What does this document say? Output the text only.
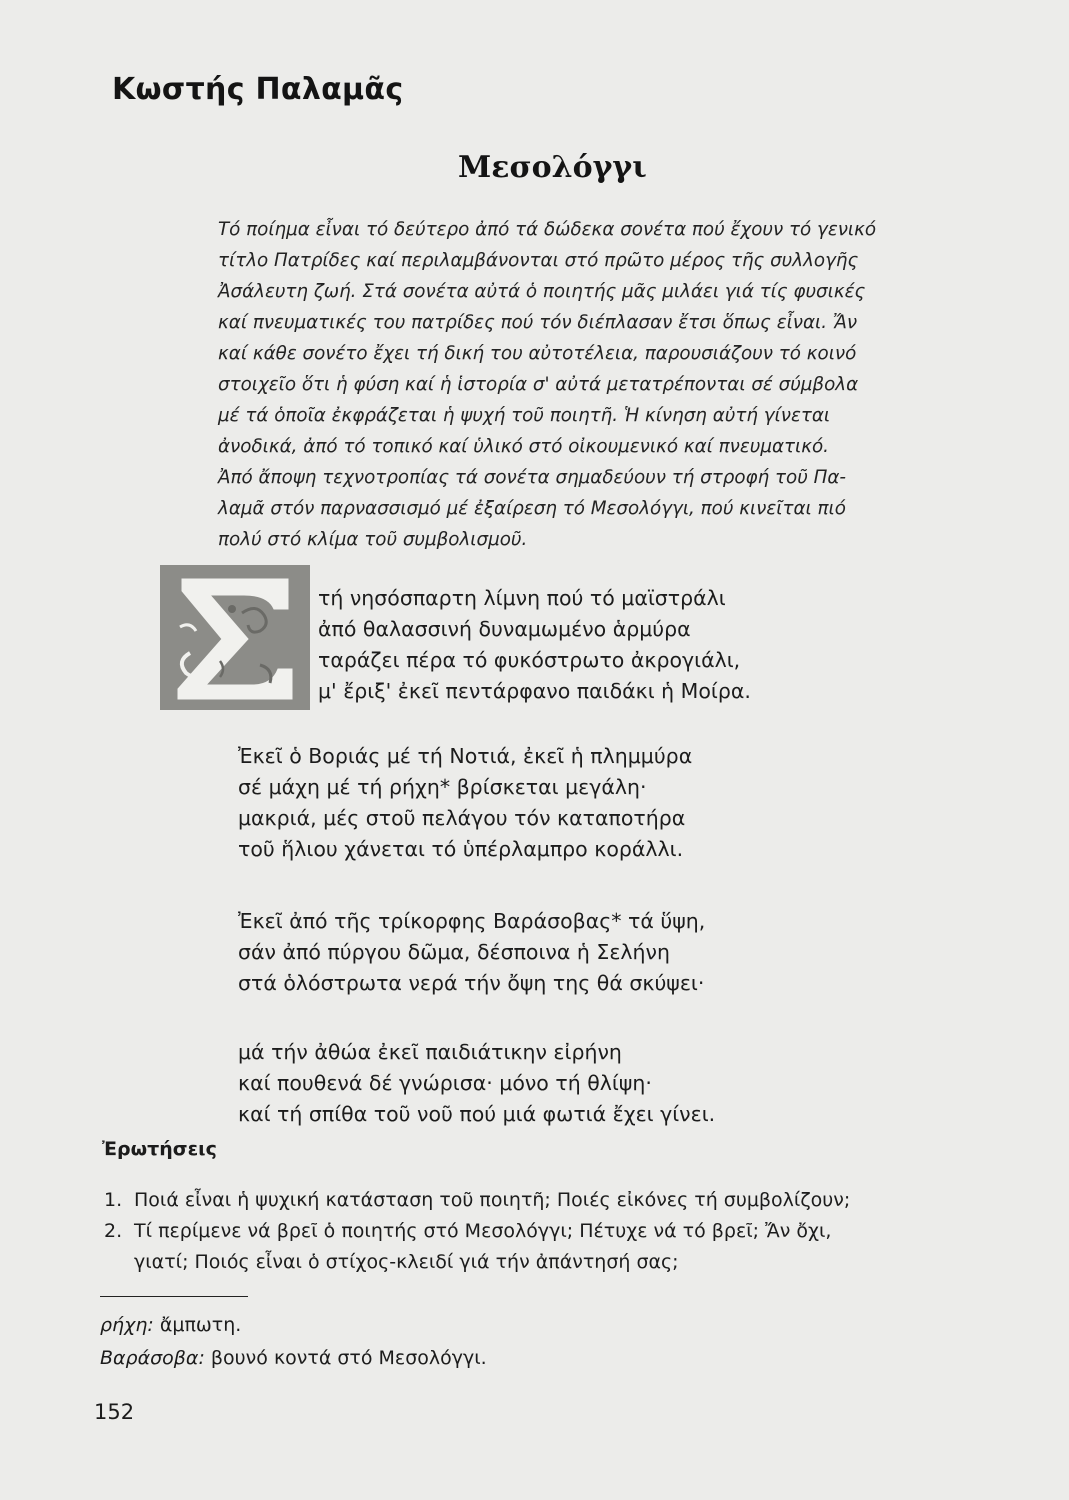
Κωστής Παλαμᾶς
Μεσολόγγι
Τό ποίημα εἶναι τό δεύτερο ἀπό τά δώδεκα σονέτα πού ἔχουν τό γενικό
τίτλο Πατρίδες καί περιλαμβάνονται στό πρῶτο μέρος τῆς συλλογῆς
Ἀσάλευτη ζωή. Στά σονέτα αὐτά ὁ ποιητής μᾶς μιλάει γιά τίς φυσικές
καί πνευματικές του πατρίδες πού τόν διέπλασαν ἔτσι ὅπως εἶναι. Ἄν
καί κάθε σονέτο ἔχει τή δική του αὐτοτέλεια, παρουσιάζουν τό κοινό
στοιχεῖο ὅτι ἡ φύση καί ἡ ἱστορία σ' αὐτά μετατρέπονται σέ σύμβολα
μέ τά ὁποῖα ἐκφράζεται ἡ ψυχή τοῦ ποιητῆ. Ἡ κίνηση αὐτή γίνεται
ἀνοδικά, ἀπό τό τοπικό καί ὑλικό στό οἰκουμενικό καί πνευματικό.
Ἀπό ἄποψη τεχνοτροπίας τά σονέτα σημαδεύουν τή στροφή τοῦ Πα-
λαμᾶ στόν παρνασσισμό μέ ἐξαίρεση τό Μεσολόγγι, πού κινεῖται πιό
πολύ στό κλίμα τοῦ συμβολισμοῦ.
τή νησόσπαρτη λίμνη πού τό μαϊστράλι
ἀπό θαλασσινή δυναμωμένο ἁρμύρα
ταράζει πέρα τό φυκόστρωτο ἀκρογιάλι,
μ' ἔριξ' ἐκεῖ πεντάρφανο παιδάκι ἡ Μοίρα.
Ἐκεῖ ὁ Βοριάς μέ τή Νοτιά, ἐκεῖ ἡ πλημμύρα
σέ μάχη μέ τή ρήχη* βρίσκεται μεγάλη·
μακριά, μές στοῦ πελάγου τόν καταποτήρα
τοῦ ἥλιου χάνεται τό ὑπέρλαμπρο κοράλλι.
Ἐκεῖ ἀπό τῆς τρίκορφης Βαράσοβας* τά ὕψη,
σάν ἀπό πύργου δῶμα, δέσποινα ἡ Σελήνη
στά ὁλόστρωτα νερά τήν ὄψη της θά σκύψει·
μά τήν ἀθώα ἐκεῖ παιδιάτικην εἰρήνη
καί πουθενά δέ γνώρισα· μόνο τή θλίψη·
καί τή σπίθα τοῦ νοῦ πού μιά φωτιά ἔχει γίνει.
Ἐρωτήσεις
1. Ποιά εἶναι ἡ ψυχική κατάσταση τοῦ ποιητῆ; Ποιές εἰκόνες τή συμβολίζουν;
2. Τί περίμενε νά βρεῖ ὁ ποιητής στό Μεσολόγγι; Πέτυχε νά τό βρεῖ; Ἄν ὄχι,
γιατί; Ποιός εἶναι ὁ στίχος-κλειδί γιά τήν ἀπάντησή σας;
ρήχη: ἄμπωτη.
Βαράσοβα: βουνό κοντά στό Μεσολόγγι.
152
